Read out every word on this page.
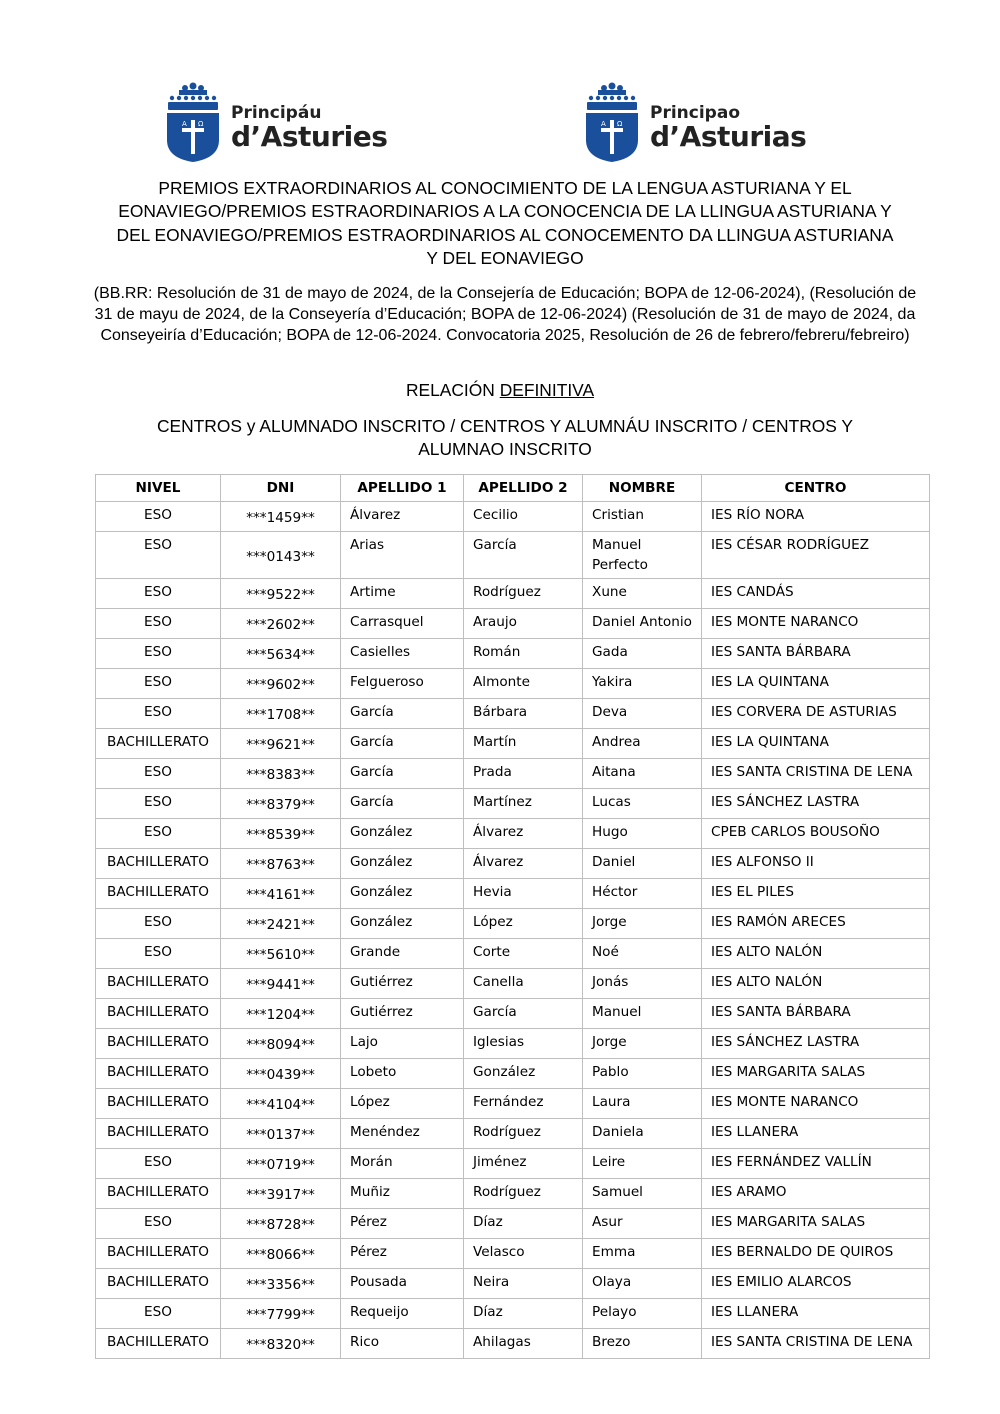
A Ω
Principáu
d’Asturies	A Ω
Principao
d’Asturias
PREMIOS EXTRAORDINARIOS AL CONOCIMIENTO DE LA LENGUA ASTURIANA Y EL EONAVIEGO/PREMIOS ESTRAORDINARIOS A LA CONOCENCIA DE LA LLINGUA ASTURIANA Y DEL EONAVIEGO/PREMIOS ESTRAORDINARIOS AL CONOCEMENTO DA LLINGUA ASTURIANA Y DEL EONAVIEGO
(BB.RR: Resolución de 31 de mayo de 2024, de la Consejería de Educación; BOPA de 12-06-2024), (Resolución de 31 de mayu de 2024, de la Conseyería d’Educación; BOPA de 12-06-2024) (Resolución de 31 de mayo de 2024, da Conseyeiría d’Educación; BOPA de 12-06-2024. Convocatoria 2025, Resolución de 26 de febrero/febreru/febreiro)
RELACIÓN DEFINITIVA
CENTROS y ALUMNADO INSCRITO / CENTROS Y ALUMNÁU INSCRITO / CENTROS Y ALUMNAO INSCRITO
NIVEL	DNI	APELLIDO 1	APELLIDO 2	NOMBRE	CENTRO
ESO	***1459**	Álvarez	Cecilio	Cristian	IES RÍO NORA
ESO	***0143**	Arias	García	Manuel Perfecto	IES CÉSAR RODRÍGUEZ
ESO	***9522**	Artime	Rodríguez	Xune	IES CANDÁS
ESO	***2602**	Carrasquel	Araujo	Daniel Antonio	IES MONTE NARANCO
ESO	***5634**	Casielles	Román	Gada	IES SANTA BÁRBARA
ESO	***9602**	Felgueroso	Almonte	Yakira	IES LA QUINTANA
ESO	***1708**	García	Bárbara	Deva	IES CORVERA DE ASTURIAS
BACHILLERATO	***9621**	García	Martín	Andrea	IES LA QUINTANA
ESO	***8383**	García	Prada	Aitana	IES SANTA CRISTINA DE LENA
ESO	***8379**	García	Martínez	Lucas	IES SÁNCHEZ LASTRA
ESO	***8539**	González	Álvarez	Hugo	CPEB CARLOS BOUSOÑO
BACHILLERATO	***8763**	González	Álvarez	Daniel	IES ALFONSO II
BACHILLERATO	***4161**	González	Hevia	Héctor	IES EL PILES
ESO	***2421**	González	López	Jorge	IES RAMÓN ARECES
ESO	***5610**	Grande	Corte	Noé	IES ALTO NALÓN
BACHILLERATO	***9441**	Gutiérrez	Canella	Jonás	IES ALTO NALÓN
BACHILLERATO	***1204**	Gutiérrez	García	Manuel	IES SANTA BÁRBARA
BACHILLERATO	***8094**	Lajo	Iglesias	Jorge	IES SÁNCHEZ LASTRA
BACHILLERATO	***0439**	Lobeto	González	Pablo	IES MARGARITA SALAS
BACHILLERATO	***4104**	López	Fernández	Laura	IES MONTE NARANCO
BACHILLERATO	***0137**	Menéndez	Rodríguez	Daniela	IES LLANERA
ESO	***0719**	Morán	Jiménez	Leire	IES FERNÁNDEZ VALLÍN
BACHILLERATO	***3917**	Muñiz	Rodríguez	Samuel	IES ARAMO
ESO	***8728**	Pérez	Díaz	Asur	IES MARGARITA SALAS
BACHILLERATO	***8066**	Pérez	Velasco	Emma	IES BERNALDO DE QUIROS
BACHILLERATO	***3356**	Pousada	Neira	Olaya	IES EMILIO ALARCOS
ESO	***7799**	Requeijo	Díaz	Pelayo	IES LLANERA
BACHILLERATO	***8320**	Rico	Ahilagas	Brezo	IES SANTA CRISTINA DE LENA
